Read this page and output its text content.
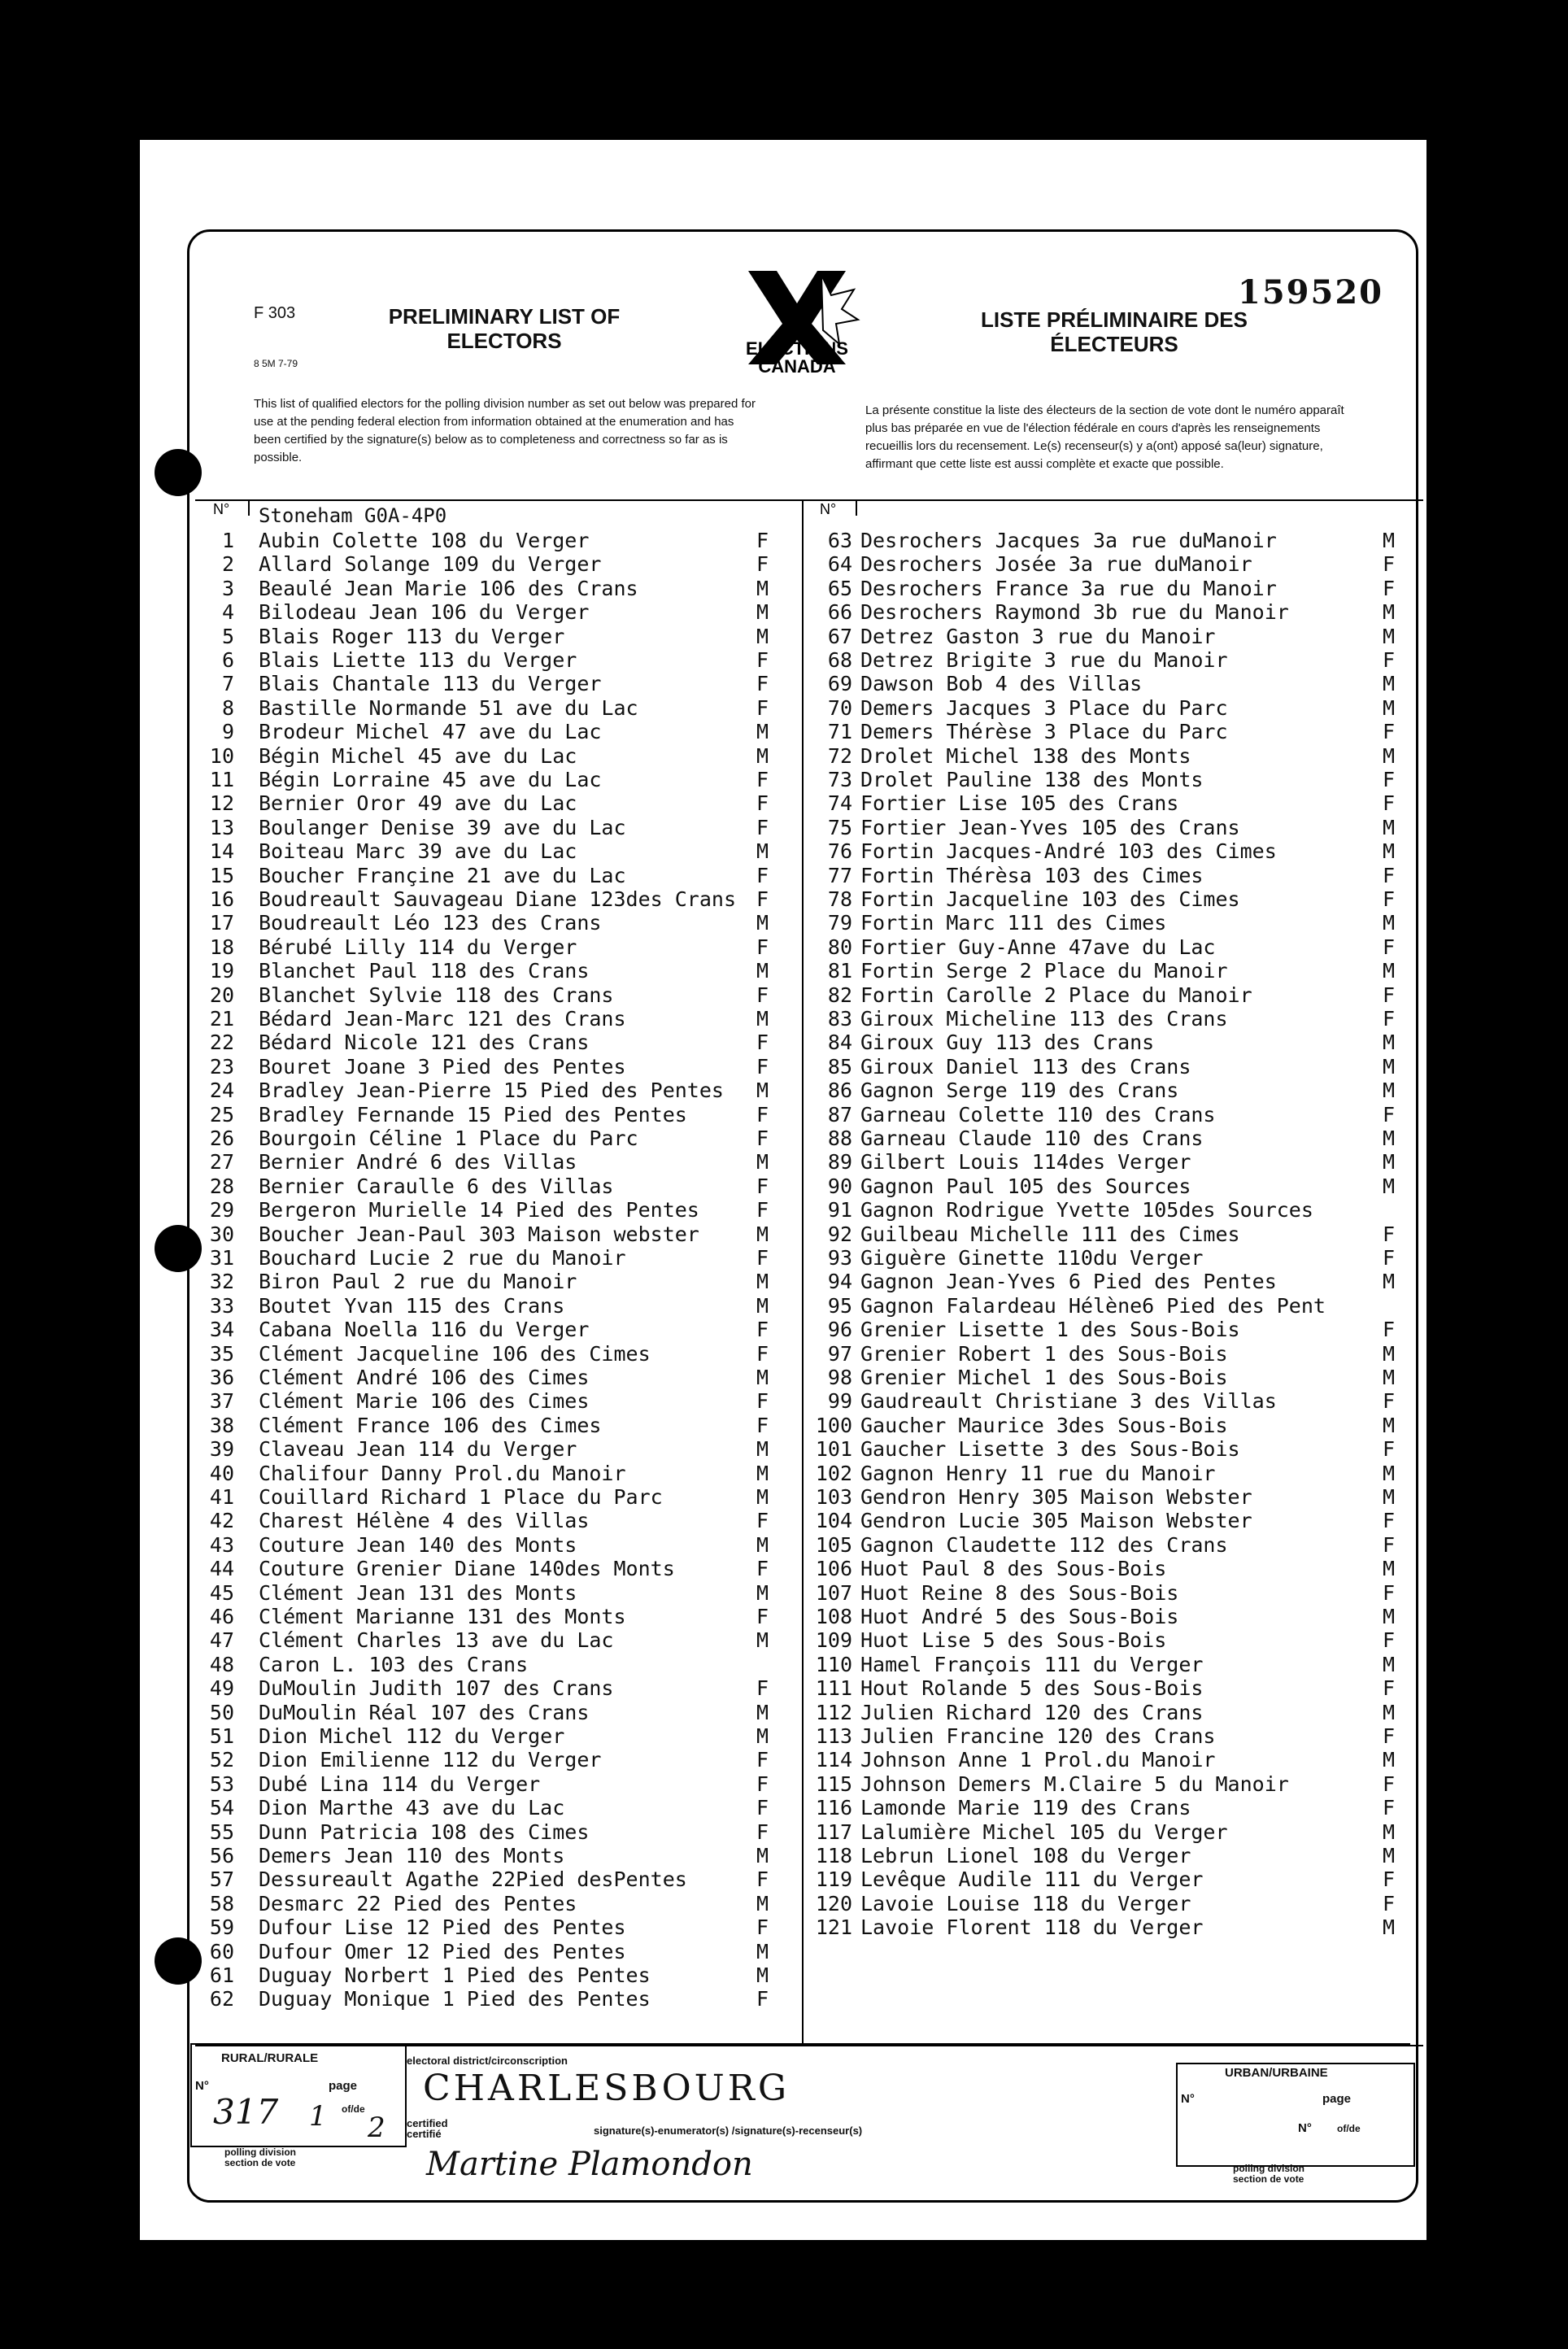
F 303
8 5M 7-79
PRELIMINARY LIST OF ELECTORS	ELECTIONS
CANADA
LISTE PRÉLIMINAIRE DES ÉLECTEURS
159520
This list of qualified electors for the polling division number as set out below was prepared for use at the pending federal election from information obtained at the enumeration and has been certified by the signature(s) below as to completeness and correctness so far as is possible.
La présente constitue la liste des électeurs de la section de vote dont le numéro apparaît plus bas préparée en vue de l'élection fédérale en cours d'après les renseignements recueillis lors du recensement. Le(s) recenseur(s) y a(ont) apposé sa(leur) signature, affirmant que cette liste est aussi complète et exacte que possible.
N°	N°
Stoneham G0A-4P0
1 Aubin Colette 108 du Verger	F
2 Allard Solange 109 du Verger	F
3 Beaulé Jean Marie 106 des Crans	M
4 Bilodeau Jean 106 du Verger	M
5 Blais Roger 113 du Verger	M
6 Blais Liette 113 du Verger	F
7 Blais Chantale 113 du Verger	F
8 Bastille Normande 51 ave du Lac	F
9 Brodeur Michel 47 ave du Lac	M
10 Bégin Michel 45 ave du Lac	M
11 Bégin Lorraine 45 ave du Lac	F
12 Bernier Oror 49 ave du Lac	F
13 Boulanger Denise 39 ave du Lac	F
14 Boiteau Marc 39 ave du Lac	M
15 Boucher Françine 21 ave du Lac	F
16 Boudreault Sauvageau Diane 123des Crans F
17 Boudreault Léo 123 des Crans	M
18 Bérubé Lilly 114 du Verger	F
19 Blanchet Paul 118 des Crans	M
20 Blanchet Sylvie 118 des Crans	F
21 Bédard Jean-Marc 121 des Crans	M
22 Bédard Nicole 121 des Crans	F
23 Bouret Joane 3 Pied des Pentes	F
24 Bradley Jean-Pierre 15 Pied des Pentes M
25 Bradley Fernande 15 Pied des Pentes	F
26 Bourgoin Céline 1 Place du Parc	F
27 Bernier André 6 des Villas	M
28 Bernier Caraulle 6 des Villas	F
29 Bergeron Murielle 14 Pied des Pentes	F
30 Boucher Jean-Paul 303 Maison webster	M
31 Bouchard Lucie 2 rue du Manoir	F
32 Biron Paul 2 rue du Manoir	M
33 Boutet Yvan 115 des Crans	M
34 Cabana Noella 116 du Verger	F
35 Clément Jacqueline 106 des Cimes	F
36 Clément André 106 des Cimes	M
37 Clément Marie 106 des Cimes	F
38 Clément France 106 des Cimes	F
39 Claveau Jean 114 du Verger	M
40 Chalifour Danny Prol.du Manoir	M
41 Couillard Richard 1 Place du Parc	M
42 Charest Hélène 4 des Villas	F
43 Couture Jean 140 des Monts	M
44 Couture Grenier Diane 140des Monts	F
45 Clément Jean 131 des Monts	M
46 Clément Marianne 131 des Monts	F
47 Clément Charles 13 ave du Lac	M
48 Caron L. 103 des Crans
49 DuMoulin Judith 107 des Crans	F
50 DuMoulin Réal 107 des Crans	M
51 Dion Michel 112 du Verger	M
52 Dion Emilienne 112 du Verger	F
53 Dubé Lina 114 du Verger	F
54 Dion Marthe 43 ave du Lac	F
55 Dunn Patricia 108 des Cimes	F
56 Demers Jean 110 des Monts	M
57 Dessureault Agathe 22Pied desPentes	F
58 Desmarc 22 Pied des Pentes	M
59 Dufour Lise 12 Pied des Pentes	F
60 Dufour Omer 12 Pied des Pentes	M
61 Duguay Norbert 1 Pied des Pentes	M
62 Duguay Monique 1 Pied des Pentes	F
63 Desrochers Jacques 3a rue duManoir	M
64 Desrochers Josée 3a rue duManoir	F
65 Desrochers France 3a rue du Manoir	F
66 Desrochers Raymond 3b rue du Manoir	M
67 Detrez Gaston 3 rue du Manoir	M
68 Detrez Brigite 3 rue du Manoir	F
69 Dawson Bob 4 des Villas	M
70 Demers Jacques 3 Place du Parc	M
71 Demers Thérèse 3 Place du Parc	F
72 Drolet Michel 138 des Monts	M
73 Drolet Pauline 138 des Monts	F
74 Fortier Lise 105 des Crans	F
75 Fortier Jean-Yves 105 des Crans	M
76 Fortin Jacques-André 103 des Cimes	M
77 Fortin Thérèsa 103 des Cimes	F
78 Fortin Jacqueline 103 des Cimes	F
79 Fortin Marc 111 des Cimes	M
80 Fortier Guy-Anne 47ave du Lac	F
81 Fortin Serge 2 Place du Manoir	M
82 Fortin Carolle 2 Place du Manoir	F
83 Giroux Micheline 113 des Crans	F
84 Giroux Guy 113 des Crans	M
85 Giroux Daniel 113 des Crans	M
86 Gagnon Serge 119 des Crans	M
87 Garneau Colette 110 des Crans	F
88 Garneau Claude 110 des Crans	M
89 Gilbert Louis 114des Verger	M
90 Gagnon Paul 105 des Sources	M
91 Gagnon Rodrigue Yvette 105des Sources
92 Guilbeau Michelle 111 des Cimes	F
93 Giguère Ginette 110du Verger	F
94 Gagnon Jean-Yves 6 Pied des Pentes	M
95 Gagnon Falardeau Hélène6 Pied des Pent
96 Grenier Lisette 1 des Sous-Bois	F
97 Grenier Robert 1 des Sous-Bois	M
98 Grenier Michel 1 des Sous-Bois	M
99 Gaudreault Christiane 3 des Villas	F
100 Gaucher Maurice 3des Sous-Bois	M
101 Gaucher Lisette 3 des Sous-Bois	F
102 Gagnon Henry 11 rue du Manoir	M
103 Gendron Henry 305 Maison Webster	M
104 Gendron Lucie 305 Maison Webster	F
105 Gagnon Claudette 112 des Crans	F
106 Huot Paul 8 des Sous-Bois	M
107 Huot Reine 8 des Sous-Bois	F
108 Huot André 5 des Sous-Bois	M
109 Huot Lise 5 des Sous-Bois	F
110 Hamel François 111 du Verger	M
111 Hout Rolande 5 des Sous-Bois	F
112 Julien Richard 120 des Crans	M
113 Julien Francine 120 des Crans	F
114 Johnson Anne 1 Prol.du Manoir	M
115 Johnson Demers M.Claire 5 du Manoir	F
116 Lamonde Marie 119 des Crans	F
117 Lalumière Michel 105 du Verger	M
118 Lebrun Lionel 108 du Verger	M
119 Levêque Audile 111 du Verger	F
120 Lavoie Louise 118 du Verger	F
121 Lavoie Florent 118 du Verger	M
RURAL/RURALE
N°	page
of/de
317 1 2
polling division section de vote
electoral district/circonscription
CHARLESBOURG
certified certifié	signature(s)-enumerator(s) /signature(s)-recenseur(s)
Martine Plamondon
URBAN/URBAINE
N°	page
N°	of/de
polling division section de vote
